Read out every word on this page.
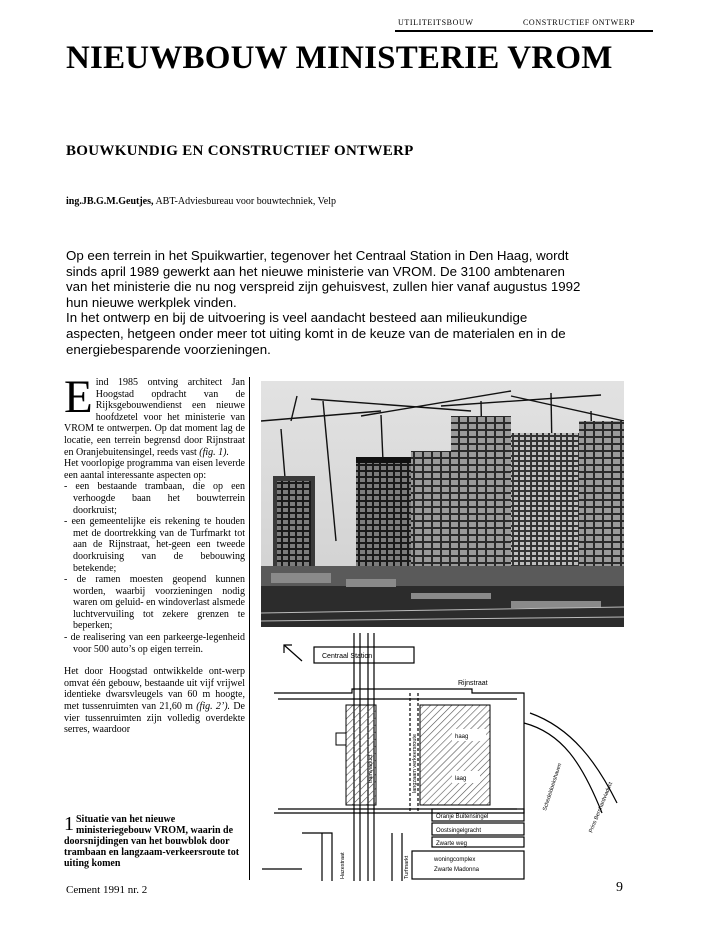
UTILITEITSBOUW	CONSTRUCTIEF ONTWERP
NIEUWBOUW MINISTERIE VROM
BOUWKUNDIG EN CONSTRUCTIEF ONTWERP
ing.JB.G.M.Geutjes, ABT-Adviesbureau voor bouwtechniek, Velp

Op een terrein in het Spuikwartier, tegenover het Centraal Station in Den Haag, wordt sinds april 1989 gewerkt aan het nieuwe ministerie van VROM. De 3100 ambtenaren van het ministerie die nu nog verspreid zijn gehuisvest, zullen hier vanaf augustus 1992 hun nieuwe werkplek vinden.

In het ontwerp en bij de uitvoering is veel aandacht besteed aan milieukundige aspecten, hetgeen onder meer tot uiting komt in de keuze van de materialen en in de energiebesparende voorzieningen.

Eind 1985 ontving architect Jan Hoogstad opdracht van de Rijksgebouwendienst een nieuwe hoofdzetel voor het ministerie van VROM te ontwerpen. Op dat moment lag de locatie, een terrein begrensd door Rijnstraat en Oranjebuitensingel, reeds vast (fig. 1).

Het voorlopige programma van eisen leverde een aantal interessante aspecten op:

- een bestaande trambaan, die op een verhoogde baan het bouwterrein doorkruist;
- een gemeentelijke eis rekening te houden met de doortrekking van de Turfmarkt tot aan de Rijnstraat, het-geen een tweede doorkruising van de bebouwing betekende;
- de ramen moesten geopend kunnen worden, waarbij voorzieningen nodig waren om geluid- en windoverlast alsmede luchtvervuiling tot zekere grenzen te beperken;
- de realisering van een parkeerge-legenheid voor 500 auto’s op eigen terrein.

Het door Hoogstad ontwikkelde ont-werp omvat één gebouw, bestaande uit vijf vrijwel identieke dwarsvleugels van 60 m hoogte, met tussenruimten van 21,60 m (fig. 2’). De vier tussenruimten zijn volledig overdekte serres, waardoor

1 Situatie van het nieuwe ministeriegebouw VROM, waarin de doorsnijdingen van het bouwblok door trambaan en langzaam-verkeersroute tot uiting komen
Centraal Station
Rijnstraat
haag
laag
Oranje Buitensingel
Oostsingelgracht
Zwarte weg
woningcomplex
Zwarte Madonna
langzaam verkeersroute
tramviaduct	Schedeldoekshaven	Prins Bernhardviaduct
Hazestraat	Turfmarkt
Cement 1991 nr. 2	9
